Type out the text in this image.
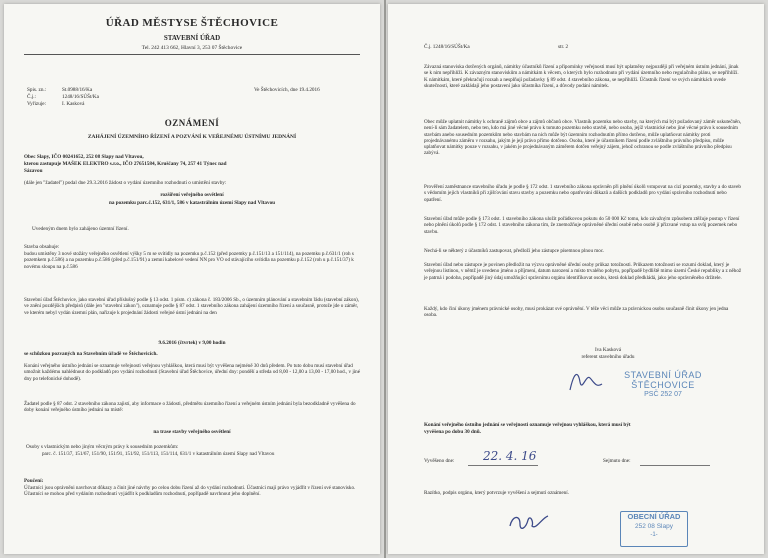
ÚŘAD MĚSTYSE ŠTĚCHOVICE
STAVEBNÍ ÚŘAD
Tel. 242 413 662, Hlavní 3, 253 07 Štěchovice
Spis. zn.:	St.0988/16/Ka
Č.j.:	1248/16/SÚŠt/Ka
Vyřizuje:	I. Kasková
Ve Štěchovicích, dne 19.4.2016
OZNÁMENÍ
ZAHÁJENÍ ÚZEMNÍHO ŘÍZENÍ A POZVÁNÍ K VEŘEJNÉMU ÚSTNÍMU JEDNÁNÍ
Obec Slapy, IČO 00241652, 252 08 Slapy nad Vltavou,
kterou zastupuje MAŠEK ELEKTRO s.r.o., IČO 27651584, Kruščany 74, 257 41 Týnec nad
Sázavou
(dále jen "žadatel") podal dne 29.3.2016 žádost o vydání územního rozhodnutí o umístění stavby:
rozšíření veřejného osvětlení
na pozemku parc.č.152, 631/1, 586 v katastrálním území Slapy nad Vltavou
Uvedeným dnem bylo zahájeno územní řízení.
Stavba obsahuje:
budou umístěny 3 nové stožáry veřejného osvětlení výšky 5 m se svítidly na pozemku p.č.152 (před pozemky p.č.151/13 a 151/114), na pozemku p.č.631/1 (roh s pozemkem p.č.586) a na pozemku p.č.586 (před p.č.151/91) a zemní kabelové vedení NN pro VO od stávajícího svítidla na pozemku p.č.152 (roh u p.č.151/37) k novému sloupu na p.č.586
Stavební úřad Štěchovice, jako stavební úřad příslušný podle § 13 odst. 1 písm. c) zákona č. 183/2006 Sb., o územním plánování a stavebním řádu (stavební zákon), ve znění pozdějších předpisů (dále jen "stavební zákon"), oznamuje podle § 87 odst. 1 stavebního zákona zahájení územního řízení a současně, protože jde o záměr, ve kterém nebyl vydán územní plán, nařizuje k projednání žádosti veřejné ústní jednání na den
9.6.2016 (čtvrtek) v 9,00 hodin
se schůzkou pozvaných na Stavebním úřadě ve Štěchovicích.
Konání veřejného ústního jednání se oznamuje veřejnosti veřejnou vyhláškou, která musí být vyvěšena nejméně 30 dnů předem. Po tuto dobu musí stavební úřad umožnit každému nahlédnout do podkladů pro vydání rozhodnutí (Stavební úřad Štěchovice, úřední dny: pondělí a středa od 8,00 - 12,00 a 13,00 - 17,00 hod., v jiné dny po telefonické dohodě).
Žadatel podle § 87 odst. 2 stavebního zákona zajistí, aby informace o žádosti, předmětu územního řízení a veřejném ústním jednání byla bezodkladně vyvěšena do doby konání veřejného ústního jednání na místě:
na trase stavby veřejného osvětlení
Osoby s vlastnickým nebo jiným věcným právy k sousedním pozemkům:
parc. č. 151/37, 151/67, 151/90, 151/91, 151/92, 151/113, 151/114, 631/1 v katastrálním území Slapy nad Vltavou
Poučení:
Účastníci jsou oprávněni navrhovat důkazy a činit jiné návrhy po celou dobu řízení až do vydání rozhodnutí. Účastníci mají právo vyjádřit v řízení své stanovisko. Účastníci se mohou před vydáním rozhodnutí vyjádřit k podkladům rozhodnutí, popřípadě navrhnout jeho doplnění.
Č.j. 1248/16/SÚŠt/Ka	str. 2
Závazná stanoviska dotčených orgánů, námitky účastníků řízení a připomínky veřejnosti musí být uplatněny nejpozději při veřejném ústním jednání, jinak se k nim nepřihlíží. K závazným stanoviskům a námitkám k věcem, o kterých bylo rozhodnuto při vydání územního nebo regulačního plánu, se nepřihlíží. K námitkám, které překračují rozsah a nesplňují požadavky § 89 odst. 4 stavebního zákona, se nepřihlíží. Účastník řízení ve svých námitkách uvede skutečnosti, které zakládají jeho postavení jako účastníka řízení, a důvody podání námitek.
Obec může uplatnit námitky k ochraně zájmů obce a zájmů občanů obce. Vlastník pozemku nebo stavby, na kterých má být požadovaný záměr uskutečněn, není-li sám žadatelem, nebo ten, kdo má jiné věcné právo k tomuto pozemku nebo stavbě, nebo osoba, jejíž vlastnické nebo jiné věcné právo k sousedním stavbám anebo sousedním pozemkům nebo stavbám na nich může být územním rozhodnutím přímo dotčeno, může uplatňovat námitky proti projednávanému záměru v rozsahu, jakým je její právo přímo dotčeno. Osoba, které je účastníkem řízení podle zvláštního právního předpisu, může uplatňovat námitky pouze v rozsahu, v jakém je projednávaným záměrem dotčen veřejný zájem, jehož ochranou se podle zvláštního právního předpisu zabývá.
Prověření zaměstnance stavebního úřadu je podle § 172 odst. 1 stavebního zákona oprávněn při plnění úkolů vstupovat na cizí pozemky, stavby a do staveb s vědomím jejich vlastníků při zjišťování stavu stavby a pozemku nebo opatřování důkazů a dalších podkladů pro vydání správního rozhodnutí nebo opatření.
Stavební úřad může podle § 173 odst. 1 stavebního zákona uložit pořádkovou pokutu do 50 000 Kč tomu, kdo závažným způsobem ztěžuje postup v řízení nebo plnění úkolů podle § 172 odst. 1 stavebního zákona tím, že znemožňuje oprávněné úřední osobě nebo osobě jí přizvané vstup na svůj pozemek nebo stavbu.
Nechá-li se některý z účastníků zastupovat, předloží jeho zástupce písemnou plnou moc.
Stavební úřad nebo zástupce je povinen předložit na výzvu oprávněné úřední osoby průkaz totožnosti. Průkazem totožnosti se rozumí doklad, který je veřejnou listinou, v němž je uvedeno jméno a příjmení, datum narození a místo trvalého pobytu, popřípadě bydliště mimo území České republiky a z něhož je patrná i podoba, popřípadě jiný údaj umožňující správnímu orgánu identifikovat osobu, která doklad předkládá, jako jeho oprávněného držitele.
Každý, kdo činí úkony jménem právnické osoby, musí prokázat své oprávnění. V téže věci může za právnickou osobu současně činit úkony jen jedna osoba.
Iva Kasková
referent stavebního úřadu
STAVEBNÍ ÚŘAD
ŠTĚCHOVICE
PSČ 252 07
Konání veřejného ústního jednání se veřejnosti oznamuje veřejnou vyhláškou, která musí být
vyvěšena po dobu 30 dnů.
Vyvěšeno dne: 22. 4. 16	Sejmuto dne:
Razítko, podpis orgánu, který potvrzuje vyvěšení a sejmutí oznámení.
OBECNÍ ÚŘAD
252 08 Slapy
-1-
